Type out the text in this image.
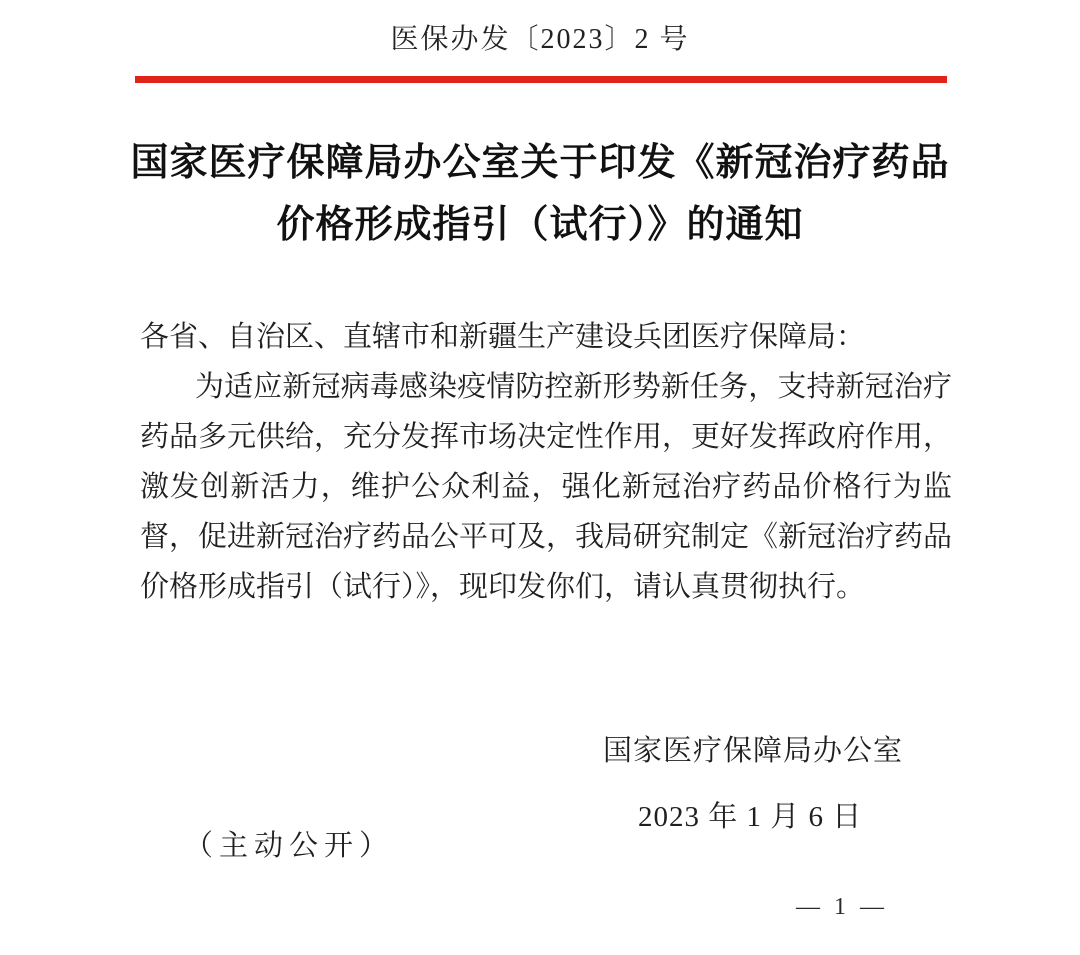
医保办发〔2023〕2 号
国家医疗保障局办公室关于印发《新冠治疗药品
价格形成指引（试行）》的通知
各省、自治区、直辖市和新疆生产建设兵团医疗保障局：
为适应新冠病毒感染疫情防控新形势新任务，支持新冠治疗
药品多元供给，充分发挥市场决定性作用，更好发挥政府作用，
激发创新活力，维护公众利益，强化新冠治疗药品价格行为监
督，促进新冠治疗药品公平可及，我局研究制定《新冠治疗药品
价格形成指引（试行）》，现印发你们，请认真贯彻执行。
国家医疗保障局办公室
2023 年 1 月 6 日
（主动公开）
— 1 —
